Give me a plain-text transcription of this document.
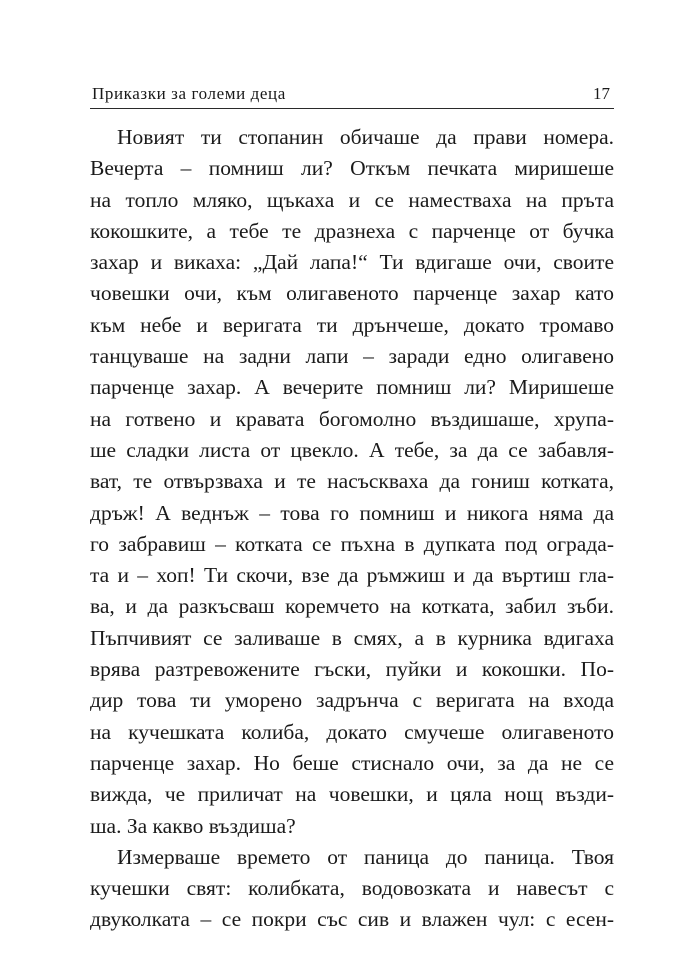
Приказки за големи деца	17
Новият ти стопанин обичаше да прави номера.
Вечерта – помниш ли? Откъм печката миришеше
на топло мляко, щъкаха и се наместваха на пръта
кокошките, а тебе те дразнеха с парченце от бучка
захар и викаха: „Дай лапа!“ Ти вдигаше очи, своите
човешки очи, към олигавеното парченце захар като
към небе и веригата ти дрънчеше, докато тромаво
танцуваше на задни лапи – заради едно олигавено
парченце захар. А вечерите помниш ли? Миришеше
на готвено и кравата богомолно въздишаше, хрупа-
ше сладки листа от цвекло. А тебе, за да се забавля-
ват, те отвързваха и те насъскваха да гониш котката,
дръж! А веднъж – това го помниш и никога няма да
го забравиш – котката се пъхна в дупката под ограда-
та и – хоп! Ти скочи, взе да ръмжиш и да въртиш гла-
ва, и да разкъсваш коремчето на котката, забил зъби.
Пъпчивият се заливаше в смях, а в курника вдигаха
врява разтревожените гъски, пуйки и кокошки. По-
дир това ти уморено задрънча с веригата на входа
на кучешката колиба, докато смучеше олигавеното
парченце захар. Но беше стиснало очи, за да не се
вижда, че приличат на човешки, и цяла нощ възди-
ша. За какво въздиша?
Измерваше времето от паница до паница. Твоя
кучешки свят: колибката, водовозката и навесът с
двуколката – се покри със сив и влажен чул: с есен-
